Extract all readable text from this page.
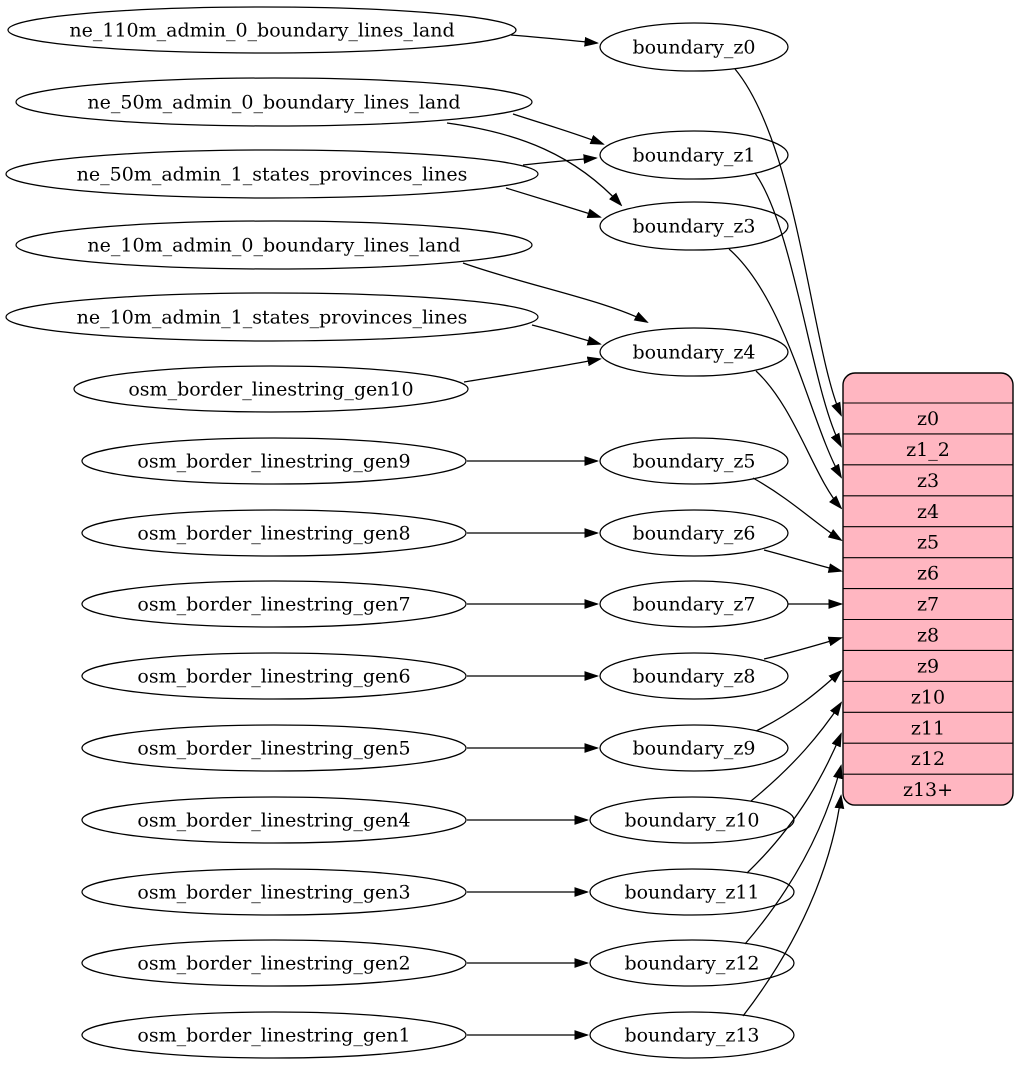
ne_110m_admin_0_boundary_lines_land
ne_50m_admin_0_boundary_lines_land
ne_50m_admin_1_states_provinces_lines
ne_10m_admin_0_boundary_lines_land
ne_10m_admin_1_states_provinces_lines
osm_border_linestring_gen10
osm_border_linestring_gen9
osm_border_linestring_gen8
osm_border_linestring_gen7
osm_border_linestring_gen6
osm_border_linestring_gen5
osm_border_linestring_gen4
osm_border_linestring_gen3
osm_border_linestring_gen2
osm_border_linestring_gen1
boundary_z0
boundary_z1
boundary_z3
boundary_z4
boundary_z5
boundary_z6
boundary_z7
boundary_z8
boundary_z9
boundary_z10
boundary_z11
boundary_z12
boundary_z13
z0
z1_2
z3
z4
z5
z6
z7
z8
z9
z10
z11
z12
z13+
